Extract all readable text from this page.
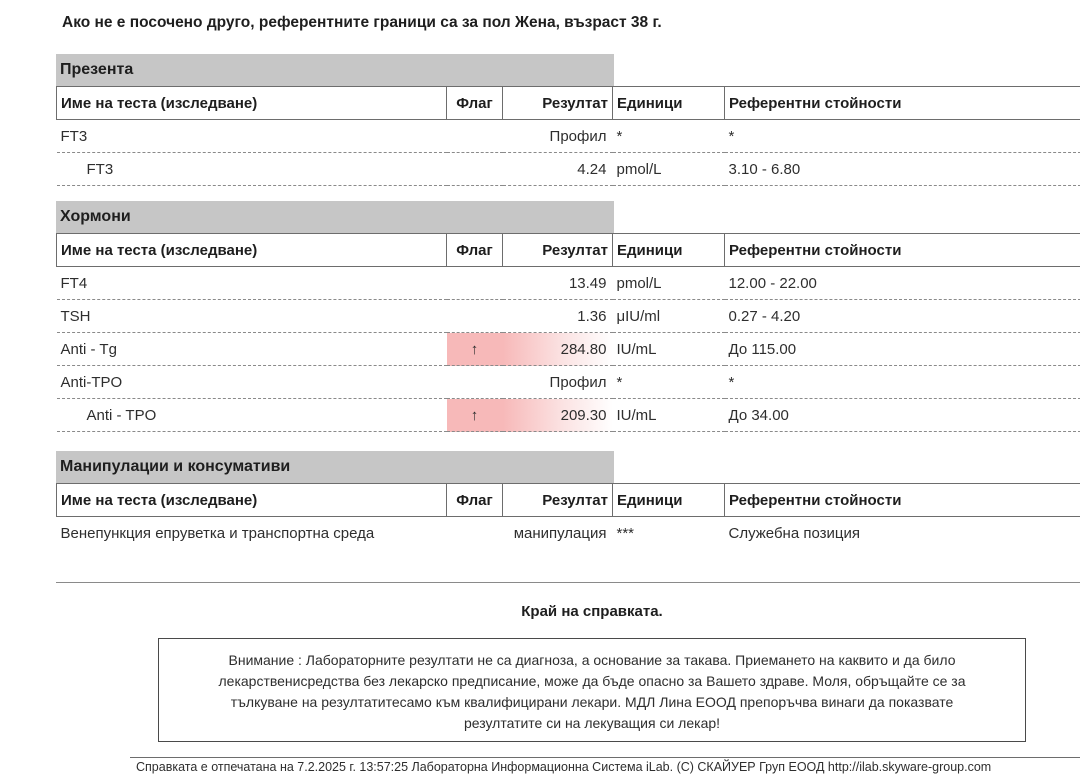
Ако не е посочено друго, референтните граници са за пол Жена, възраст 38 г.

Презента
Име на теста (изследване)	Флаг	Резултат	Единици	Референтни стойности
FT3		Профил	*	*
FT3		4.24	pmol/L	3.10 - 6.80
Хормони
Име на теста (изследване)	Флаг	Резултат	Единици	Референтни стойности
FT4		13.49	pmol/L	12.00 - 22.00
TSH		1.36	μIU/ml	0.27 - 4.20
Anti - Tg	↑	284.80	IU/mL	До 115.00
Anti-TPO		Профил	*	*
Anti - TPO	↑	209.30	IU/mL	До 34.00
Манипулации и консумативи
Име на теста (изследване)	Флаг	Резултат	Единици	Референтни стойности
Венепункция епруветка и транспортна среда		манипулация	***	Служебна позиция

Край на справката.

Внимание : Лабораторните резултати не са диагноза, а основание за такава. Приемането на каквито и да било
лекарственисредства без лекарско предписание, може да бъде опасно за Вашето здраве. Моля, обръщайте се за
тълкуване на резултатитесамо към квалифицирани лекари. МДЛ Лина ЕООД препоръчва винаги да показвате
резултатите си на лекуващия си лекар!

Справката е отпечатана на 7.2.2025 г. 13:57:25 Лабораторна Информационна Система iLab. (C) СКАЙУЕР Груп ЕООД http://ilab.skyware-group.com
